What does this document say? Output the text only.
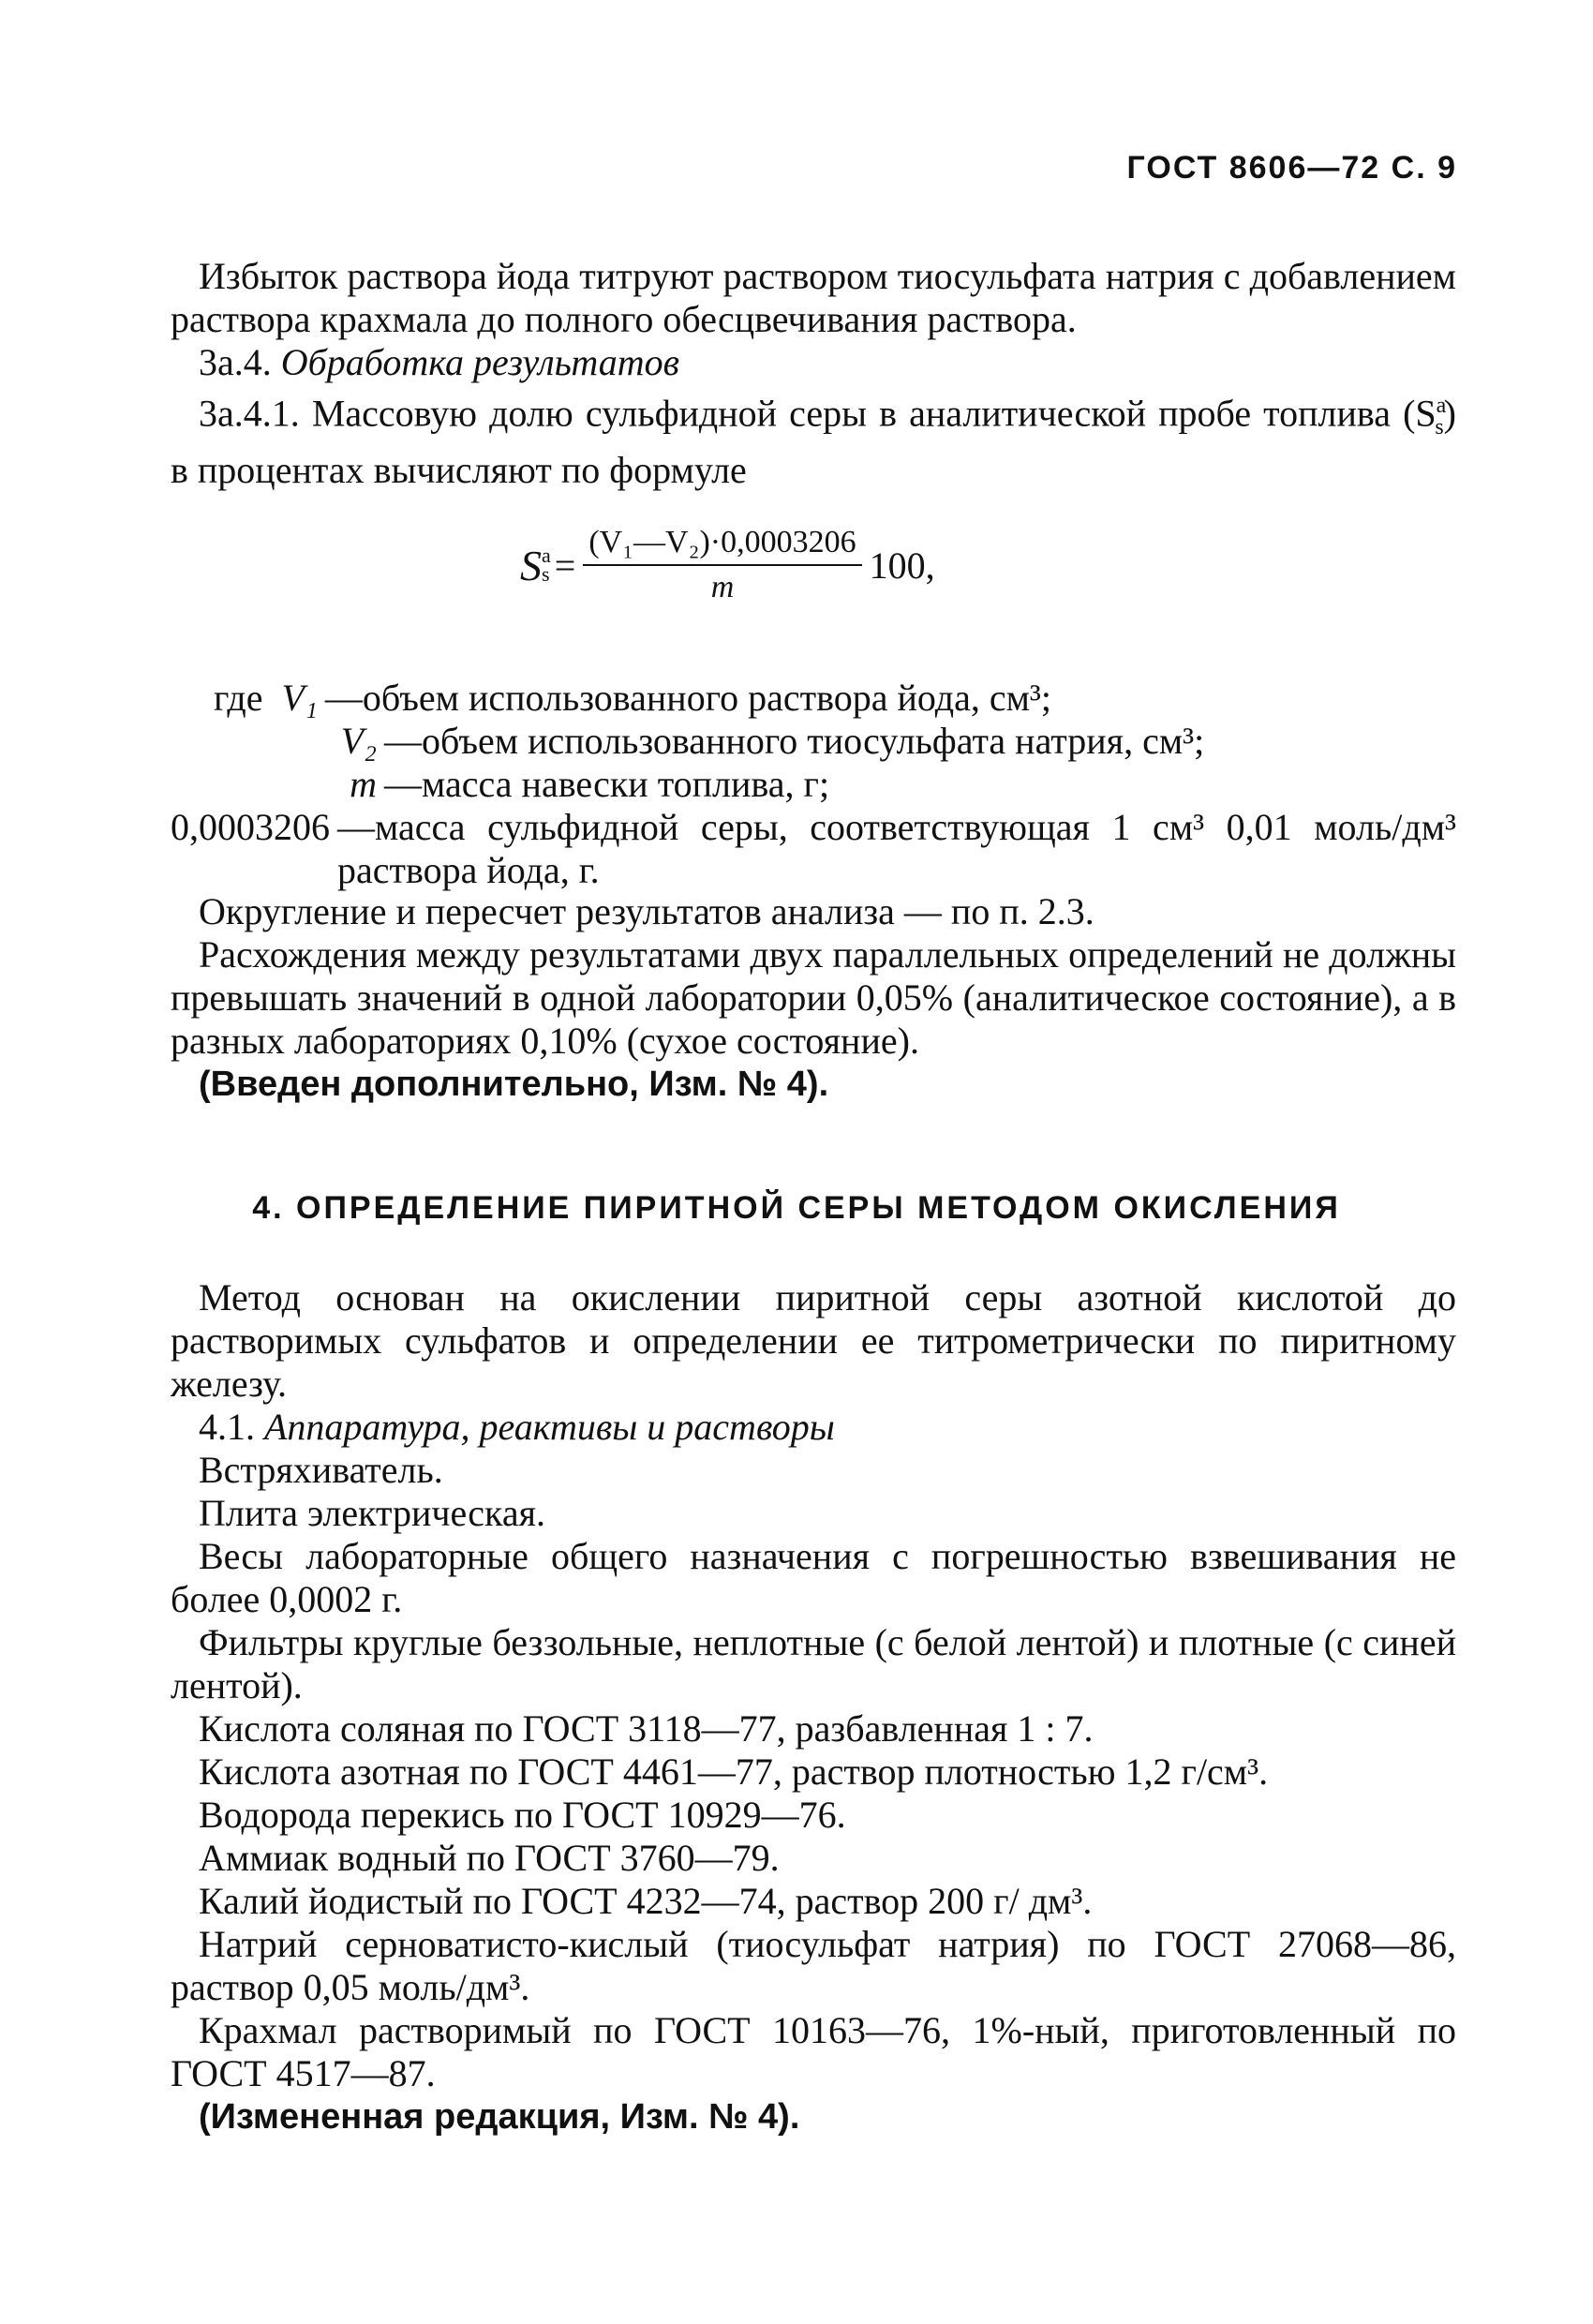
ГОСТ 8606—72 С. 9

Избыток раствора йода титруют раствором тиосульфата натрия с добавлением раствора крахмала до полного обесцвечивания раствора.

3а.4. Обработка результатов

3а.4.1. Массовую долю сульфидной серы в аналитической пробе топлива $(S^a_s)$ в процентах вычисляют по формуле

S a
$s = \frac{\text{(V₁—V₂)·0,0003206}}{m} 100$,
где V₁ —объем использованного раствора йода, см³;
V₂ —объем использованного тиосульфата натрия, см³;
m —масса навески топлива, г;
0,0003206 —масса сульфидной серы, соответствующая 1 см³ 0,01 моль/дм³ раствора йода, г.

Округление и пересчет результатов анализа — по п. 2.3.

Расхождения между результатами двух параллельных определений не должны превышать значений в одной лаборатории 0,05% (аналитическое состояние), а в разных лабораториях 0,10% (сухое состояние).

(Введен дополнительно, Изм. № 4).

4. ОПРЕДЕЛЕНИЕ ПИРИТНОЙ СЕРЫ МЕТОДОМ ОКИСЛЕНИЯ

Метод основан на окислении пиритной серы азотной кислотой до растворимых сульфатов и определении ее титрометрически по пиритному железу.

4.1. Аппаратура, реактивы и растворы

Встряхиватель.

Плита электрическая.

Весы лабораторные общего назначения с погрешностью взвешивания не более 0,0002 г.

Фильтры круглые беззольные, неплотные (с белой лентой) и плотные (с синей лентой).

Кислота соляная по ГОСТ 3118—77, разбавленная 1 : 7.

Кислота азотная по ГОСТ 4461—77, раствор плотностью 1,2 г/см³.

Водорода перекись по ГОСТ 10929—76.

Аммиак водный по ГОСТ 3760—79.

Калий йодистый по ГОСТ 4232—74, раствор 200 г/ дм³.

Натрий серноватисто-кислый (тиосульфат натрия) по ГОСТ 27068—86, раствор 0,05 моль/дм³.

Крахмал растворимый по ГОСТ 10163—76, 1%-ный, приготовленный по ГОСТ 4517—87.

(Измененная редакция, Изм. № 4).
